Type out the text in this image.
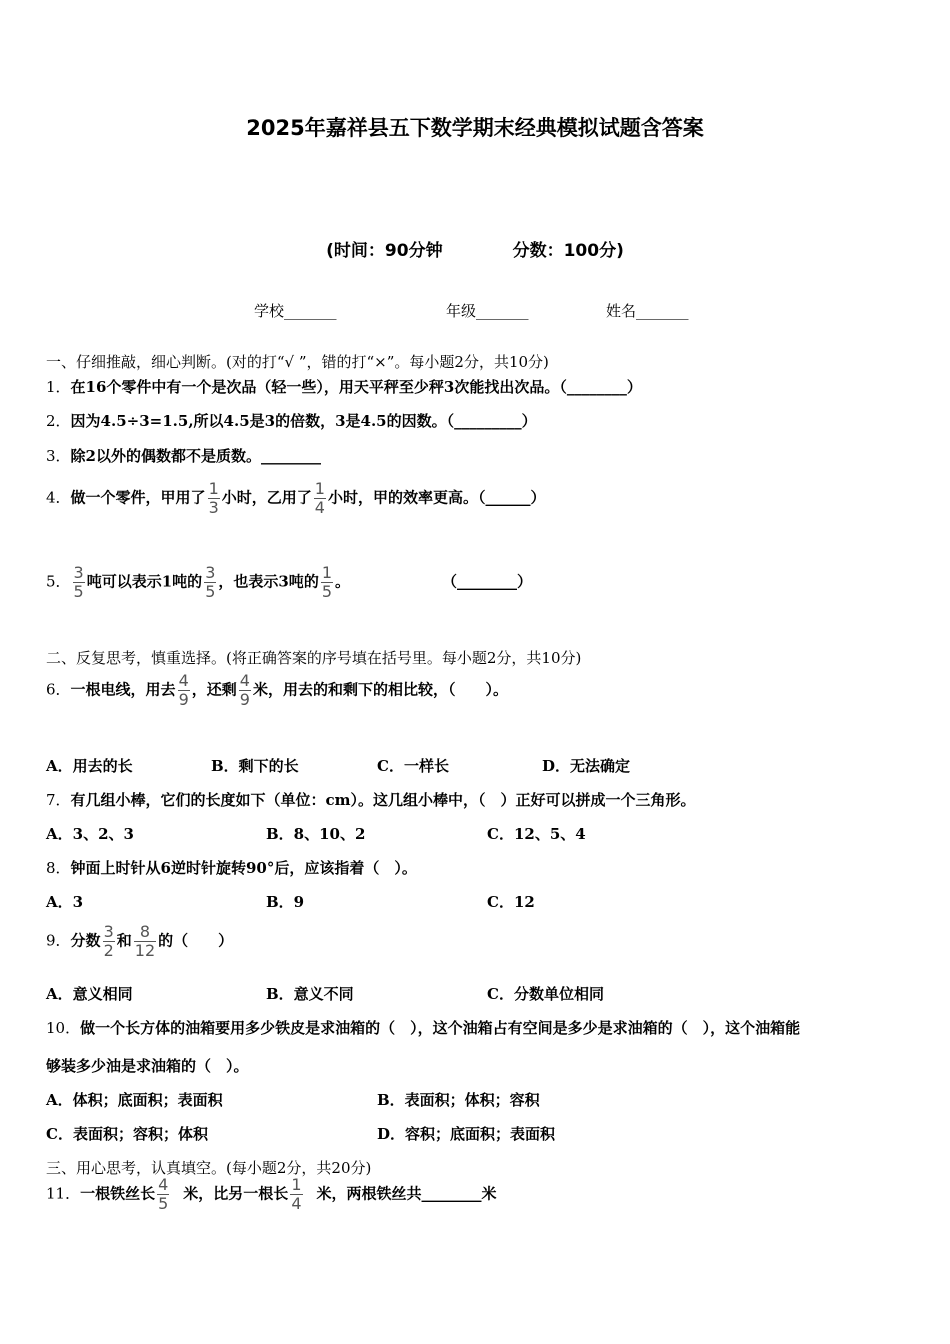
2025年嘉祥县五下数学期末经典模拟试题含答案
(时间：90分钟	分数：100分)
学校_______	年级_______	姓名_______
一、仔细推敲，细心判断。(对的打“√ ”，错的打“×”。每小题2分，共10分)
1．在16个零件中有一个是次品（轻一些），用天平秤至少秤3次能找出次品。（________）
2．因为4.5÷3=1.5,所以4.5是3的倍数，3是4.5的因数。（_________）
3．除2以外的偶数都不是质数。________
4．做一个零件，甲用了 $\frac{1}{3}$ 小时，乙用了 $\frac{1}{4}$ 小时，甲的效率更高。（______）
5． $\frac{3}{5}$ 吨可以表示1吨的 $\frac{3}{5}$ ，也表示3吨的 $\frac{1}{5}$ 。	（________）
二、反复思考，慎重选择。(将正确答案的序号填在括号里。每小题2分，共10分)
6．一根电线，用去 $\frac{4}{9}$ ，还剩 $\frac{4}{9}$ 米，用去的和剩下的相比较，（　　）。
A．用去的长	B．剩下的长	C．一样长	D．无法确定
7．有几组小棒，它们的长度如下（单位：cm）。这几组小棒中，（　）正好可以拼成一个三角形。
A．3、2、3	B．8、10、2	C．12、5、4
8．钟面上时针从6逆时针旋转90°后，应该指着（　）。
A．3	B．9	C．12
9．分数 $\frac{3}{2}$ 和 $\frac{8}{12}$ 的（　　）
A．意义相同	B．意义不同	C．分数单位相同
10．做一个长方体的油箱要用多少铁皮是求油箱的（　），这个油箱占有空间是多少是求油箱的（　），这个油箱能
够装多少油是求油箱的（　）。
A．体积；底面积；表面积	B．表面积；体积；容积
C．表面积；容积；体积	D．容积；底面积；表面积
三、用心思考，认真填空。(每小题2分，共20分)
11．一根铁丝长 $\frac{4}{5}$ 米，比另一根长 $\frac{1}{4}$ 米，两根铁丝共________米
